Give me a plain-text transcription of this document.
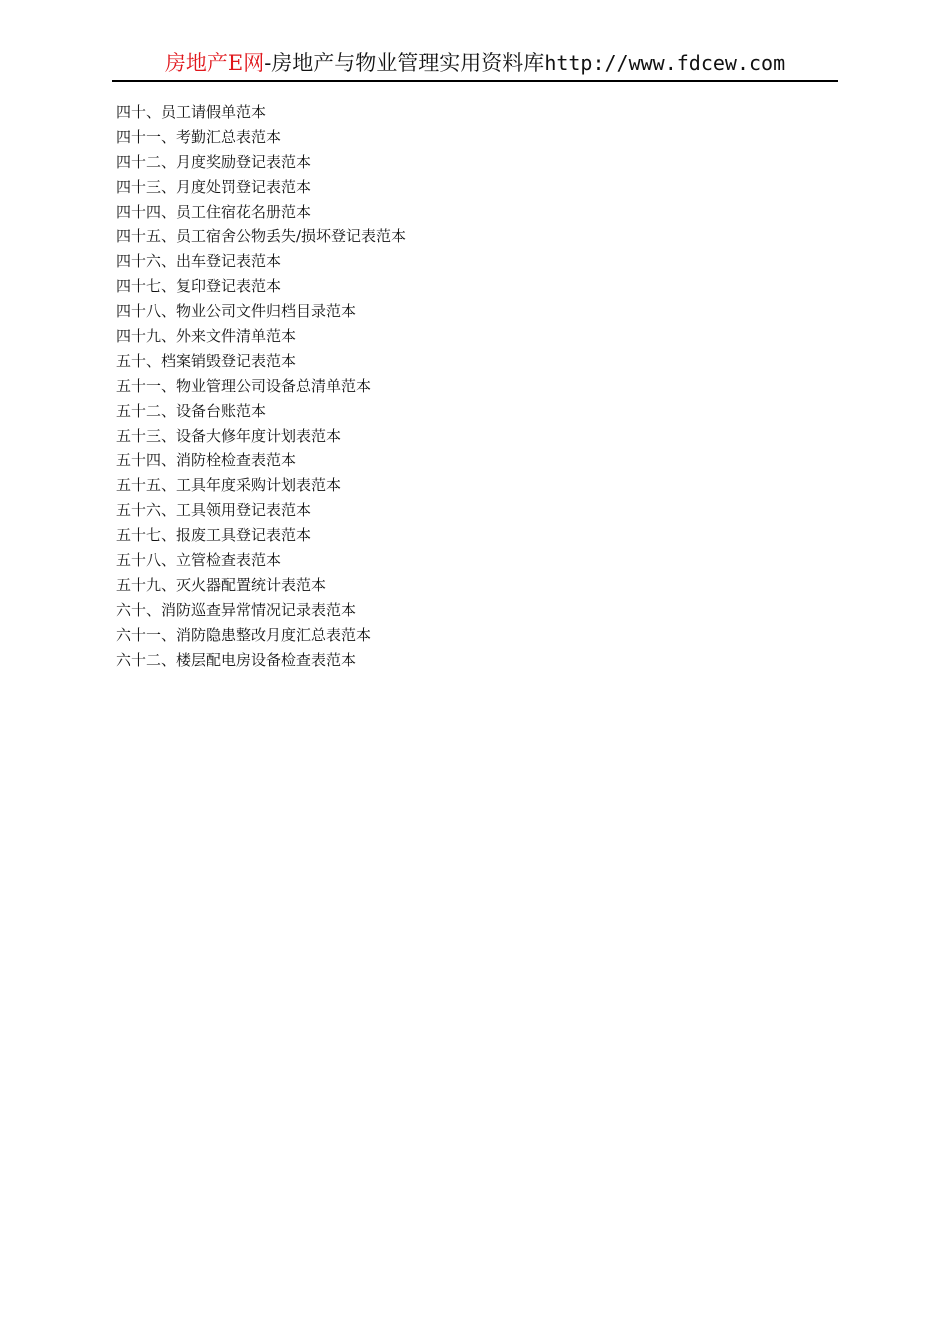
房地产E网-房地产与物业管理实用资料库http://www.fdcew.com
四十、员工请假单范本
四十一、考勤汇总表范本
四十二、月度奖励登记表范本
四十三、月度处罚登记表范本
四十四、员工住宿花名册范本
四十五、员工宿舍公物丢失/损坏登记表范本
四十六、出车登记表范本
四十七、复印登记表范本
四十八、物业公司文件归档目录范本
四十九、外来文件清单范本
五十、档案销毁登记表范本
五十一、物业管理公司设备总清单范本
五十二、设备台账范本
五十三、设备大修年度计划表范本
五十四、消防栓检查表范本
五十五、工具年度采购计划表范本
五十六、工具领用登记表范本
五十七、报废工具登记表范本
五十八、立管检查表范本
五十九、灭火器配置统计表范本
六十、消防巡查异常情况记录表范本
六十一、消防隐患整改月度汇总表范本
六十二、楼层配电房设备检查表范本
